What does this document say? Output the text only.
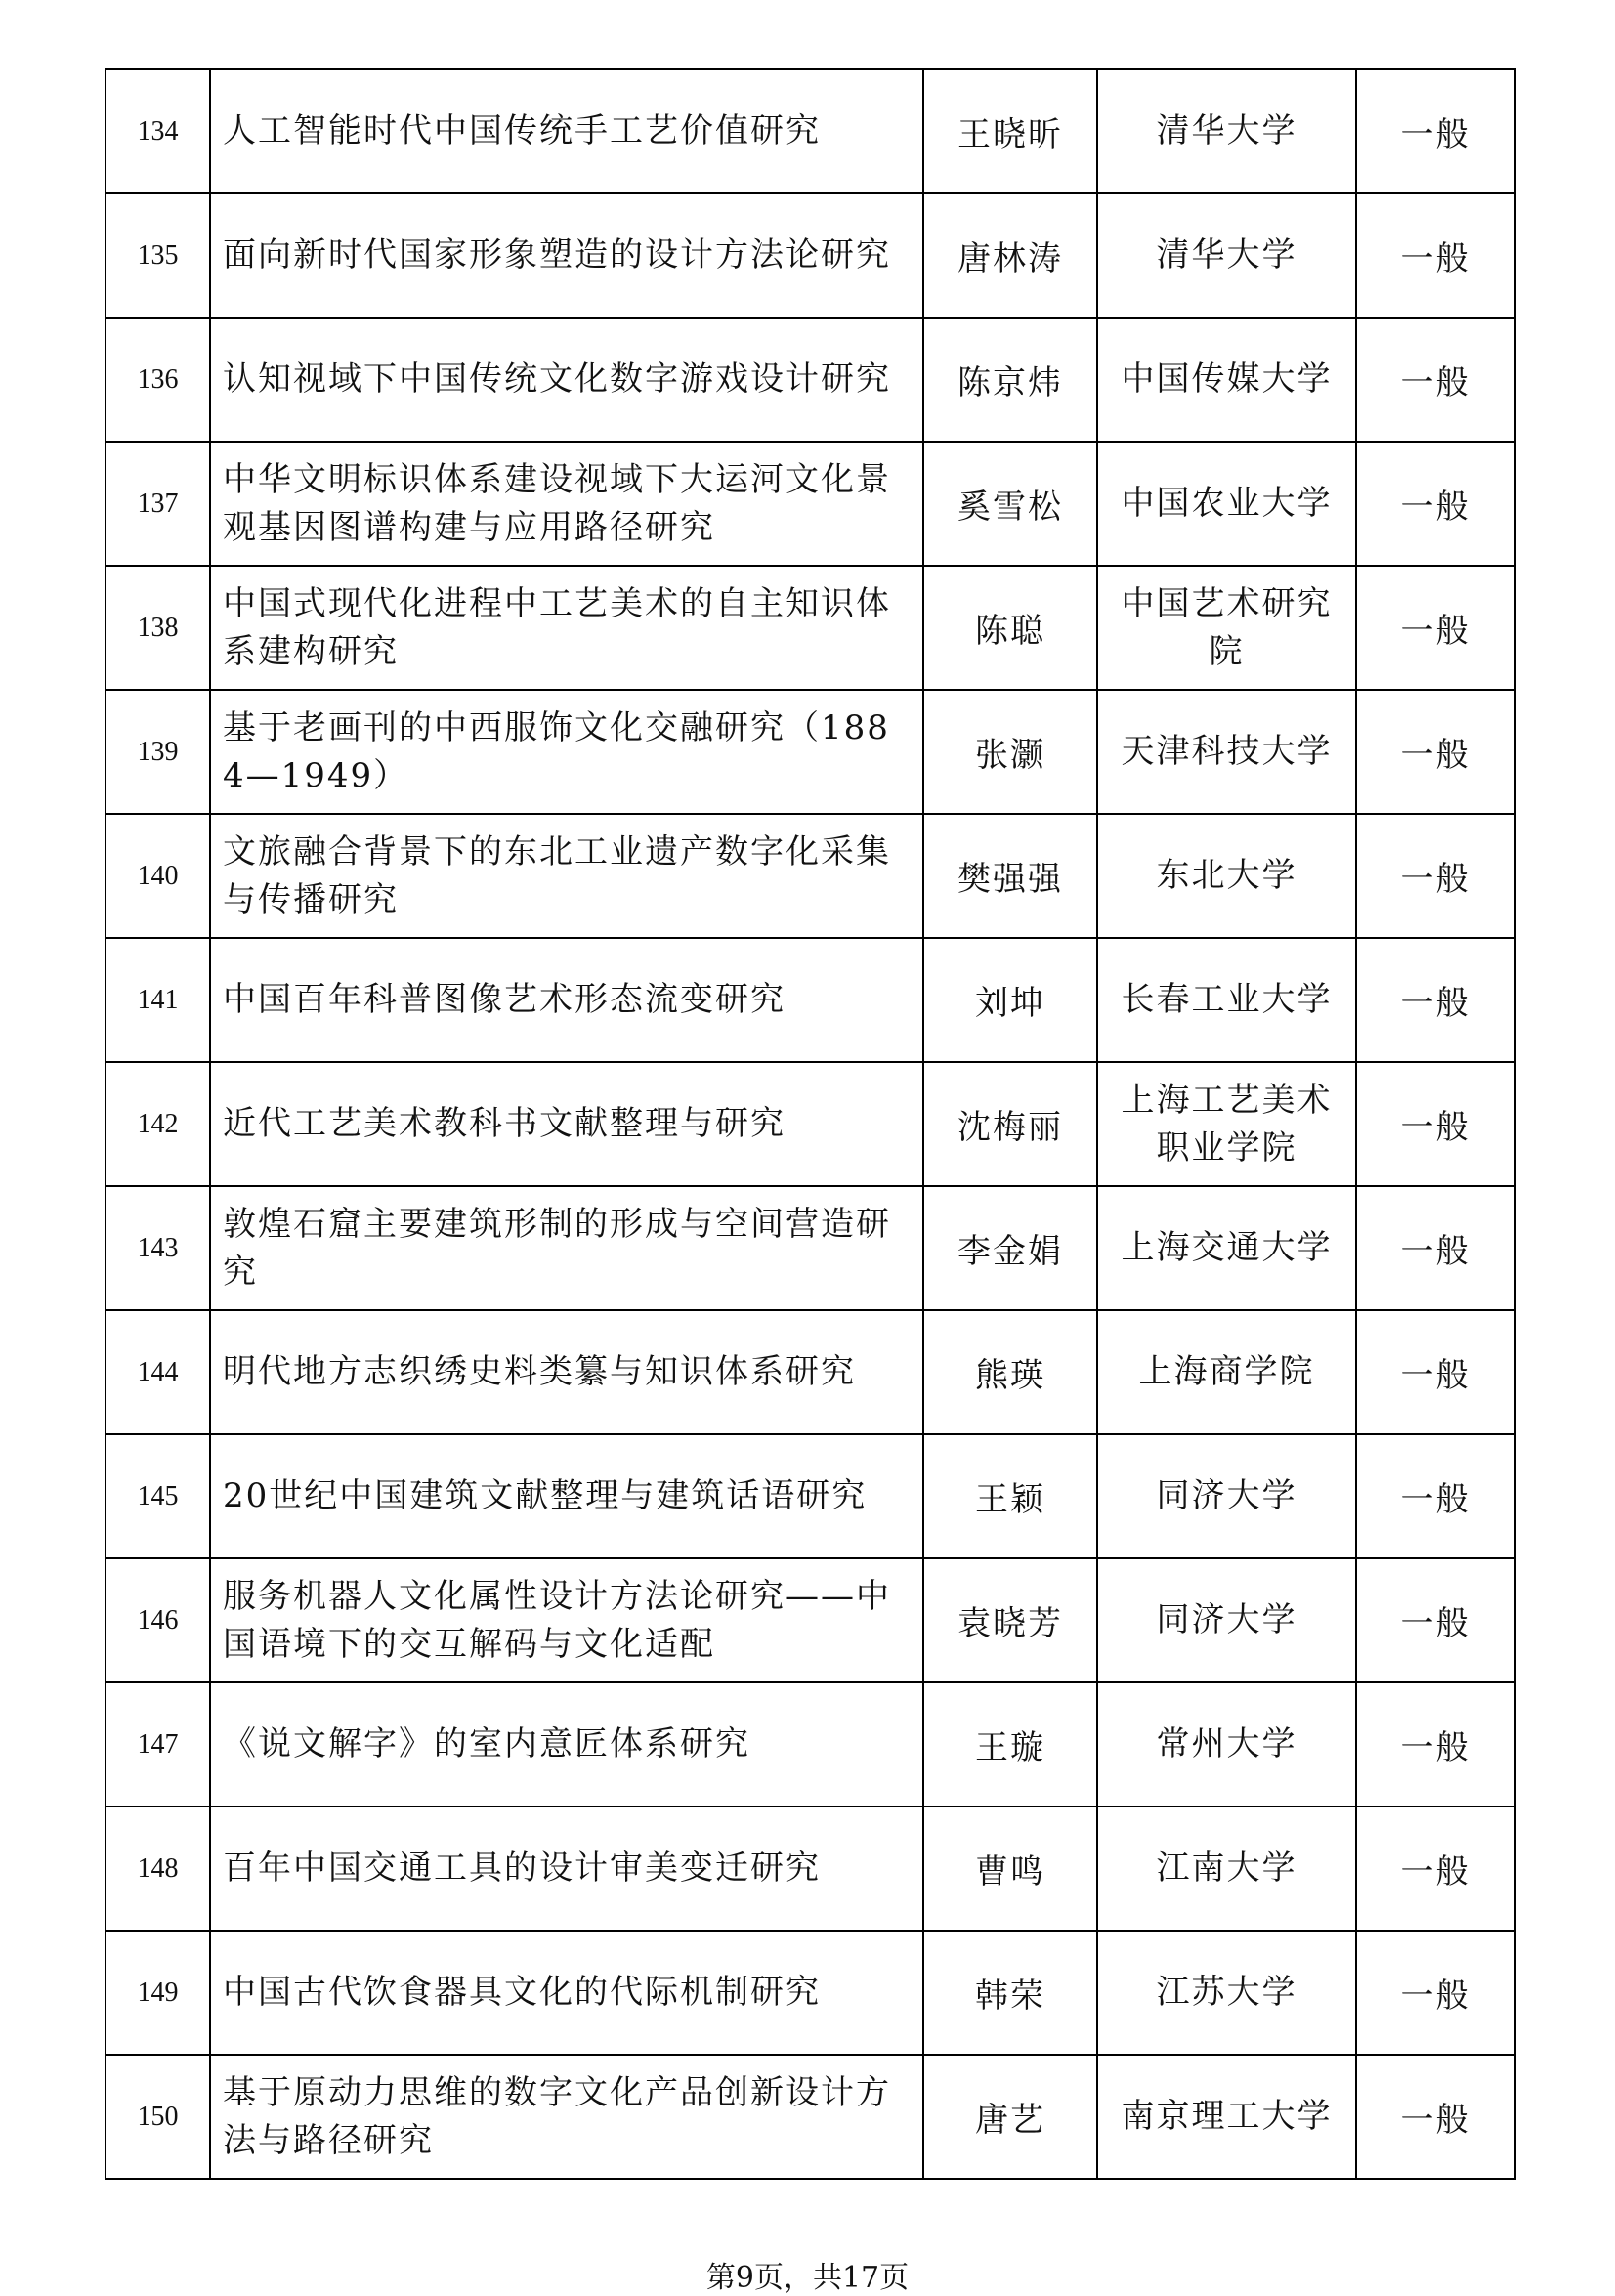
134	人工智能时代中国传统手工艺价值研究	王晓昕	清华大学	一般
135	面向新时代国家形象塑造的设计方法论研究	唐林涛	清华大学	一般
136	认知视域下中国传统文化数字游戏设计研究	陈京炜	中国传媒大学	一般
137	中华文明标识体系建设视域下大运河文化景观基因图谱构建与应用路径研究	奚雪松	中国农业大学	一般
138	中国式现代化进程中工艺美术的自主知识体系建构研究	陈聪	中国艺术研究院	一般
139	基于老画刊的中西服饰文化交融研究（1884—1949）	张灏	天津科技大学	一般
140	文旅融合背景下的东北工业遗产数字化采集与传播研究	樊强强	东北大学	一般
141	中国百年科普图像艺术形态流变研究	刘坤	长春工业大学	一般
142	近代工艺美术教科书文献整理与研究	沈梅丽	上海工艺美术职业学院	一般
143	敦煌石窟主要建筑形制的形成与空间营造研究	李金娟	上海交通大学	一般
144	明代地方志织绣史料类纂与知识体系研究	熊瑛	上海商学院	一般
145	20世纪中国建筑文献整理与建筑话语研究	王颖	同济大学	一般
146	服务机器人文化属性设计方法论研究——中国语境下的交互解码与文化适配	袁晓芳	同济大学	一般
147	《说文解字》的室内意匠体系研究	王璇	常州大学	一般
148	百年中国交通工具的设计审美变迁研究	曹鸣	江南大学	一般
149	中国古代饮食器具文化的代际机制研究	韩荣	江苏大学	一般
150	基于原动力思维的数字文化产品创新设计方法与路径研究	唐艺	南京理工大学	一般
第9页，共17页
